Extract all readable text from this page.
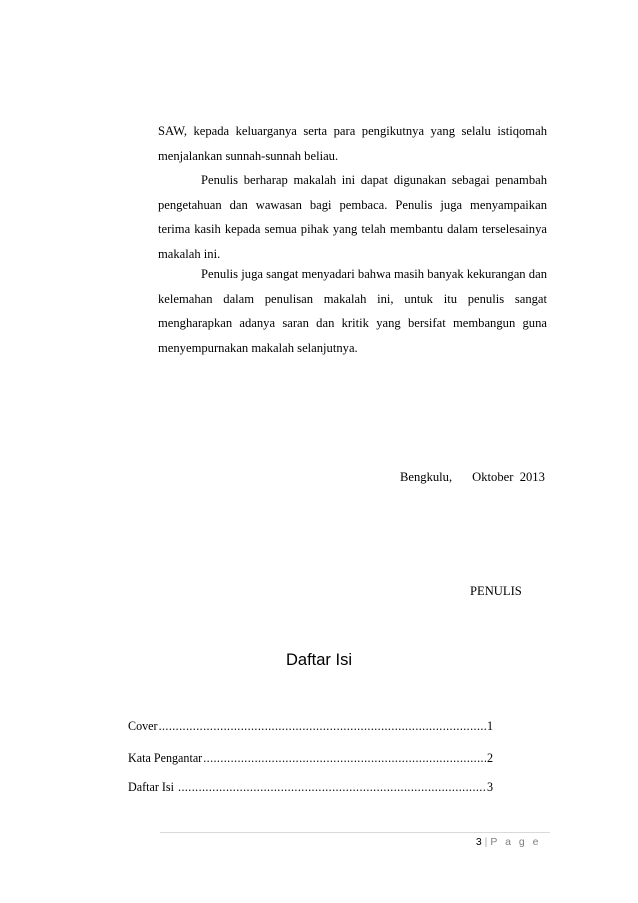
SAW, kepada keluarganya serta para pengikutnya yang selalu istiqomah menjalankan sunnah-sunnah beliau.

Penulis berharap makalah ini dapat digunakan sebagai penambah pengetahuan dan wawasan bagi pembaca. Penulis juga menyampaikan terima kasih kepada semua pihak yang telah membantu dalam terselesainya makalah ini.

Penulis juga sangat menyadari bahwa masih banyak kekurangan dan kelemahan dalam penulisan makalah ini, untuk itu penulis sangat mengharapkan adanya saran dan kritik yang bersifat membangun guna menyempurnakan makalah selanjutnya.

Bengkulu, Oktober  2013
PENULIS
Daftar Isi
Cover .....	1
Kata Pengantar .....	2
Daftar Isi .....	3
3 | P a g e
